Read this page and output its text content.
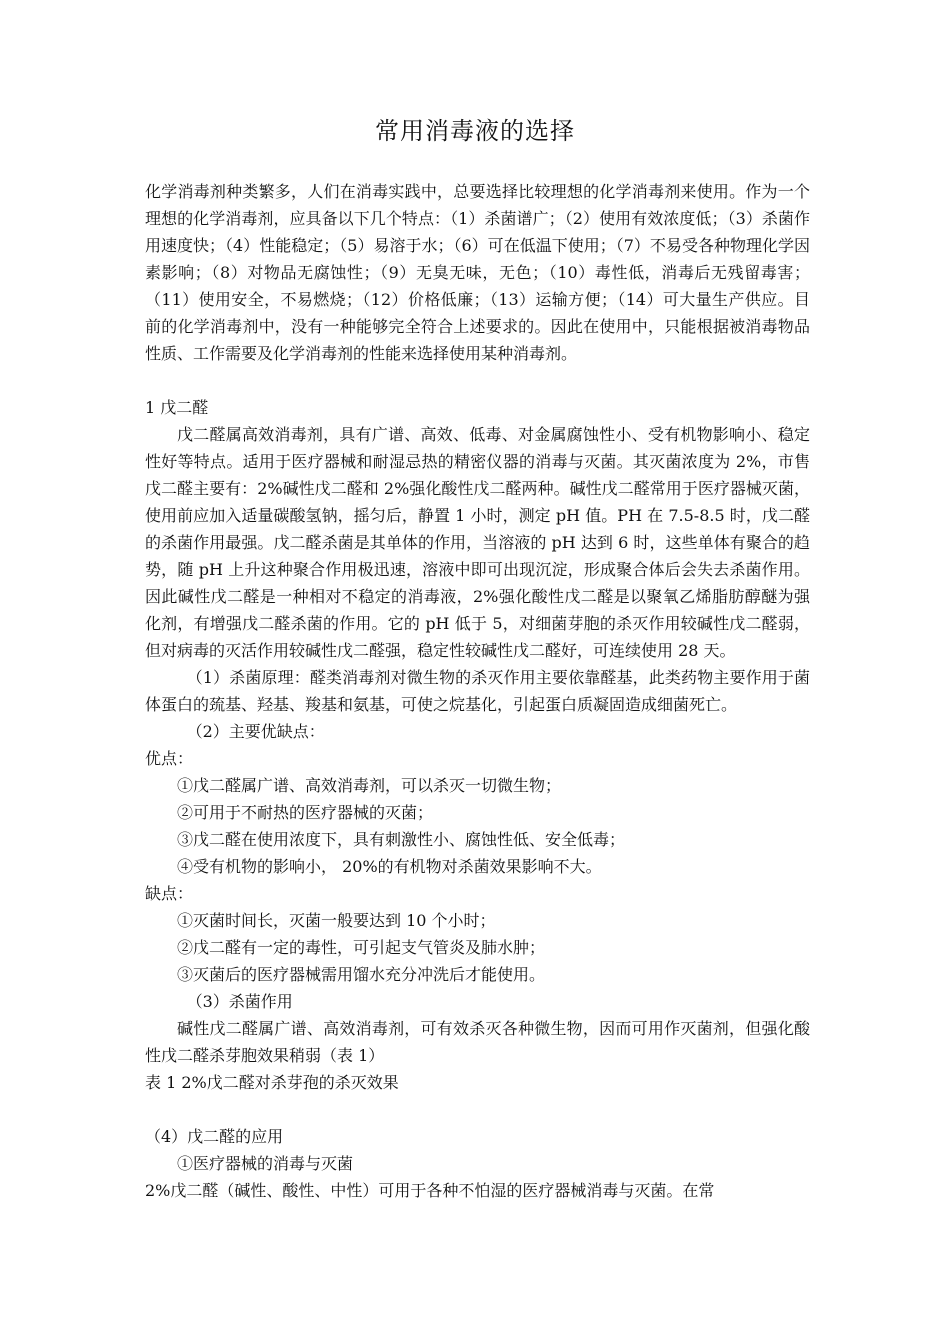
常用消毒液的选择

化学消毒剂种类繁多，人们在消毒实践中，总要选择比较理想的化学消毒剂来使用。作为一个理想的化学消毒剂，应具备以下几个特点：（1）杀菌谱广；（2）使用有效浓度低；（3）杀菌作用速度快；（4）性能稳定；（5）易溶于水；（6）可在低温下使用；（7）不易受各种物理化学因素影响；（8）对物品无腐蚀性；（9）无臭无味，无色；（10）毒性低，消毒后无残留毒害；（11）使用安全，不易燃烧；（12）价格低廉；（13）运输方便；（14）可大量生产供应。目前的化学消毒剂中，没有一种能够完全符合上述要求的。因此在使用中，只能根据被消毒物品性质、工作需要及化学消毒剂的性能来选择使用某种消毒剂。

1 戊二醛

戊二醛属高效消毒剂，具有广谱、高效、低毒、对金属腐蚀性小、受有机物影响小、稳定性好等特点。适用于医疗器械和耐湿忌热的精密仪器的消毒与灭菌。其灭菌浓度为 2%，市售戊二醛主要有：2%碱性戊二醛和 2%强化酸性戊二醛两种。碱性戊二醛常用于医疗器械灭菌，使用前应加入适量碳酸氢钠，摇匀后，静置 1 小时，测定 pH 值。PH 在 7.5-8.5 时，戊二醛的杀菌作用最强。戊二醛杀菌是其单体的作用，当溶液的 pH 达到 6 时，这些单体有聚合的趋势，随 pH 上升这种聚合作用极迅速，溶液中即可出现沉淀，形成聚合体后会失去杀菌作用。因此碱性戊二醛是一种相对不稳定的消毒液，2%强化酸性戊二醛是以聚氧乙烯脂肪醇醚为强化剂，有增强戊二醛杀菌的作用。它的 pH 低于 5，对细菌芽胞的杀灭作用较碱性戊二醛弱，但对病毒的灭活作用较碱性戊二醛强，稳定性较碱性戊二醛好，可连续使用 28 天。

（1）杀菌原理：醛类消毒剂对微生物的杀灭作用主要依靠醛基，此类药物主要作用于菌体蛋白的巯基、羟基、羧基和氨基，可使之烷基化，引起蛋白质凝固造成细菌死亡。

（2）主要优缺点：

优点：

①戊二醛属广谱、高效消毒剂，可以杀灭一切微生物；

②可用于不耐热的医疗器械的灭菌；

③戊二醛在使用浓度下，具有刺激性小、腐蚀性低、安全低毒；

④受有机物的影响小， 20%的有机物对杀菌效果影响不大。

缺点：

①灭菌时间长，灭菌一般要达到 10 个小时；

②戊二醛有一定的毒性，可引起支气管炎及肺水肿；

③灭菌后的医疗器械需用馏水充分冲洗后才能使用。

（3）杀菌作用

碱性戊二醛属广谱、高效消毒剂，可有效杀灭各种微生物，因而可用作灭菌剂，但强化酸性戊二醛杀芽胞效果稍弱（表 1）

表 1 2%戊二醛对杀芽孢的杀灭效果

（4）戊二醛的应用

①医疗器械的消毒与灭菌

2%戊二醛（碱性、酸性、中性）可用于各种不怕湿的医疗器械消毒与灭菌。在常
